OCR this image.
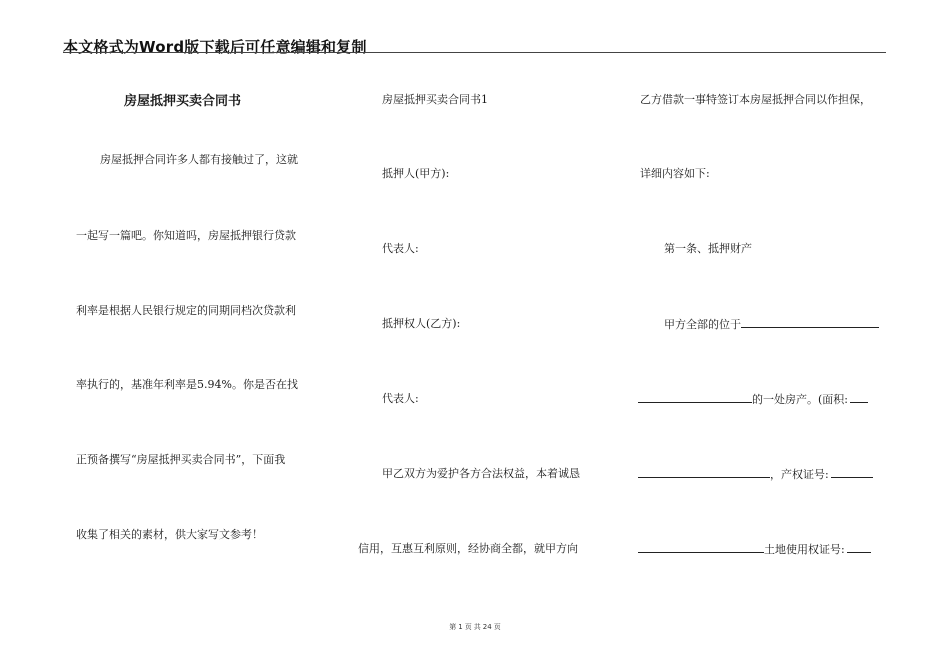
本文格式为Word版下载后可任意编辑和复制
房屋抵押买卖合同书
房屋抵押合同许多人都有接触过了，这就
一起写一篇吧。你知道吗，房屋抵押银行贷款
利率是根据人民银行规定的同期同档次贷款利
率执行的，基准年利率是5.94%。你是否在找
正预备撰写“房屋抵押买卖合同书”，下面我
收集了相关的素材，供大家写文参考！
房屋抵押买卖合同书1
抵押人(甲方):
代表人:
抵押权人(乙方):
代表人:
甲乙双方为爱护各方合法权益，本着诚恳
信用，互惠互利原则，经协商全都，就甲方向
乙方借款一事特签订本房屋抵押合同以作担保，
详细内容如下:
第一条、抵押财产
甲方全部的位于
的一处房产。(面积:
，产权证号:
土地使用权证号:
第 1 页 共 24 页
